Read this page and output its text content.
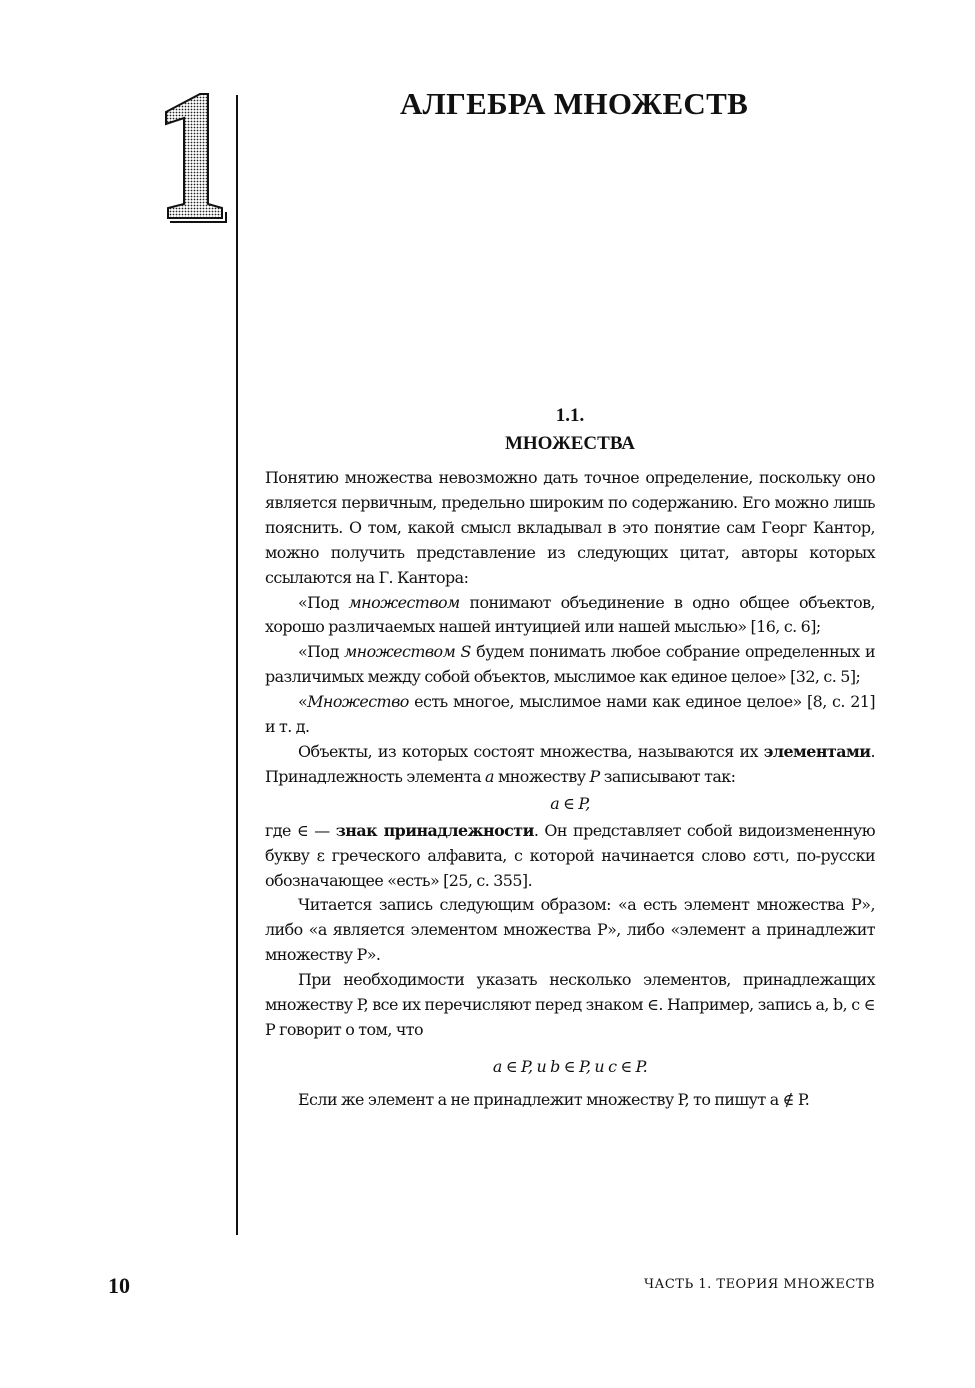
1
АЛГЕБРА МНОЖЕСТВ
1.1.
МНОЖЕСТВА

Понятию множества невозможно дать точное определение, поскольку оно является первичным, предельно широким по содержанию. Его можно лишь пояснить. О том, какой смысл вкладывал в это понятие сам Георг Кантор, можно получить представление из следующих цитат, авторы которых ссылаются на Г. Кантора:

«Под множеством понимают объединение в одно общее объектов, хорошо различаемых нашей интуицией или нашей мыслью» [16, с. 6];

«Под множеством S будем понимать любое собрание определенных и различимых между собой объектов, мыслимое как единое целое» [32, с. 5];

«Множество есть многое, мыслимое нами как единое целое» [8, с. 21] и т. д.

Объекты, из которых состоят множества, называются их элементами. Принадлежность элемента a множеству P записывают так:

a ∈ P,

где ∈ — знак принадлежности. Он представляет собой видоизмененную букву ε греческого алфавита, с которой начинается слово εστι, по-русски обозначающее «есть» [25, с. 355].

Читается запись следующим образом: «a есть элемент множества P», либо «a является элементом множества P», либо «элемент a принадлежит множеству P».

При необходимости указать несколько элементов, принадлежащих множеству P, все их перечисляют перед знаком ∈. Например, запись a, b, c ∈ P говорит о том, что

a ∈ P, и b ∈ P, и c ∈ P.

Если же элемент a не принадлежит множеству P, то пишут a ∉ P.

10	ЧАСТЬ 1. ТЕОРИЯ МНОЖЕСТВ
